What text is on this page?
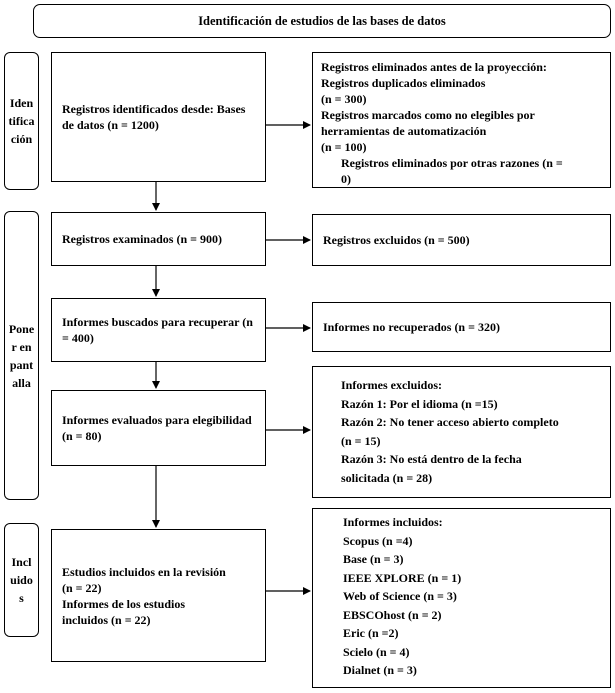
Identificación de estudios de las bases de datos
Identificación
Poner en pantalla
Incluidos
Registros identificados desde: Bases de datos (n = 1200)
Registros examinados (n = 900)
Informes buscados para recuperar (n = 400)
Informes evaluados para elegibilidad (n = 80)
Estudios incluidos en la revisión
(n = 22)
Informes de los estudios
incluidos (n = 22)
Registros eliminados antes de la proyección:
Registros duplicados eliminados
(n = 300)
Registros marcados como no elegibles por
herramientas de automatización
(n = 100)
Registros eliminados por otras razones (n =
0)
Registros excluidos (n = 500)
Informes no recuperados (n = 320)
Informes excluidos:
Razón 1: Por el idioma (n =15)
Razón 2: No tener acceso abierto completo
(n = 15)
Razón 3: No está dentro de la fecha
solicitada (n = 28)
Informes incluidos:
Scopus (n =4)
Base (n = 3)
IEEE XPLORE (n = 1)
Web of Science (n = 3)
EBSCOhost (n = 2)
Eric (n =2)
Scielo (n = 4)
Dialnet (n = 3)
